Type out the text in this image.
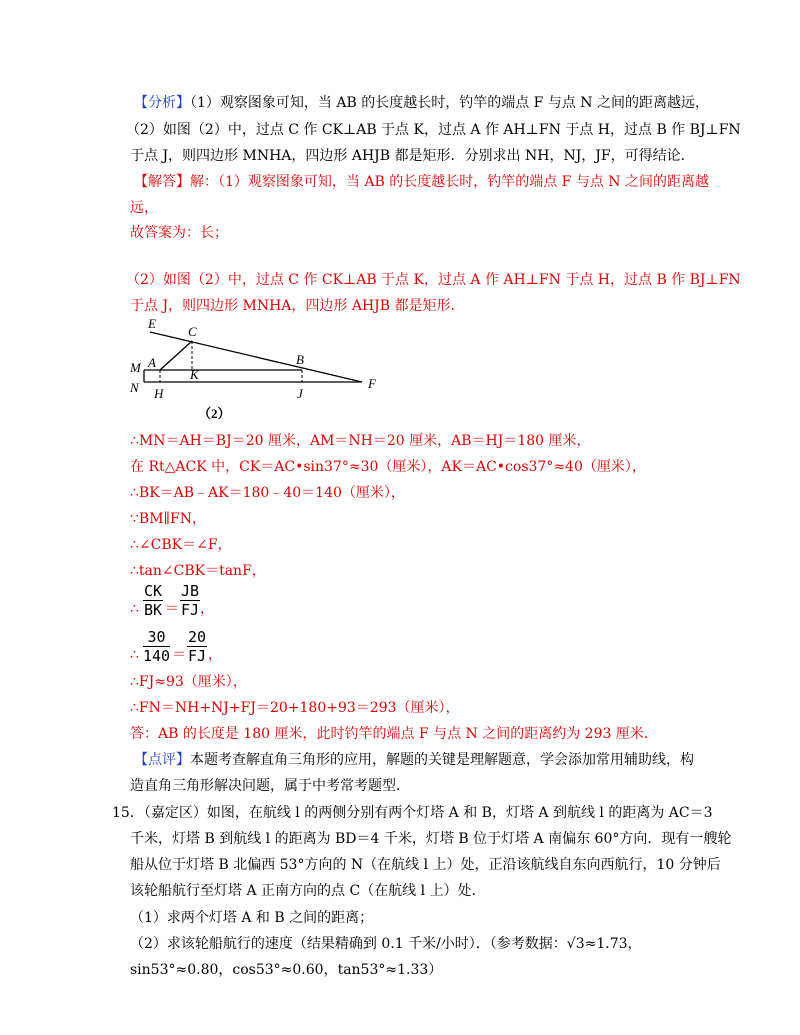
【分析】（1）观察图象可知，当 AB 的长度越长时，钓竿的端点 F 与点 N 之间的距离越远，
（2）如图（2）中，过点 C 作 CK⊥AB 于点 K，过点 A 作 AH⊥FN 于点 H，过点 B 作 BJ⊥FN
于点 J，则四边形 MNHA，四边形 AHJB 都是矩形．分别求出 NH，NJ，JF，可得结论．
【解答】解：（1）观察图象可知，当 AB 的长度越长时，钓竿的端点 F 与点 N 之间的距离越
远，
故答案为：长；
（2）如图（2）中，过点 C 作 CK⊥AB 于点 K，过点 A 作 AH⊥FN 于点 H，过点 B 作 BJ⊥FN
于点 J，则四边形 MNHA，四边形 AHJB 都是矩形．
E
C
A	B
M	K
N H	J
F
（2）
∴MN＝AH＝BJ＝20 厘米，AM＝NH＝20 厘米，AB＝HJ＝180 厘米，
在 Rt△ACK 中，CK＝AC•sin37°≈30（厘米），AK＝AC•cos37°≈40（厘米），
∴BK＝AB﹣AK＝180﹣40＝140（厘米），
∵BM∥FN，
∴∠CBK＝∠F，
∴tan∠CBK＝tanF，
∴ $\frac{CK}{BK} = \frac{JB}{FJ}$ ，
∴ $\frac{30}{140} = \frac{20}{FJ}$ ，
∴FJ≈93（厘米），
∴FN＝NH+NJ+FJ＝20+180+93＝293（厘米），
答：AB 的长度是 180 厘米，此时钓竿的端点 F 与点 N 之间的距离约为 293 厘米．
【点评】本题考查解直角三角形的应用，解题的关键是理解题意，学会添加常用辅助线，构
造直角三角形解决问题，属于中考常考题型．
15．（嘉定区）如图，在航线 l 的两侧分别有两个灯塔 A 和 B，灯塔 A 到航线 l 的距离为 AC＝3
千米，灯塔 B 到航线 l 的距离为 BD＝4 千米，灯塔 B 位于灯塔 A 南偏东 60°方向．现有一艘轮
船从位于灯塔 B 北偏西 53°方向的 N（在航线 l 上）处，正沿该航线自东向西航行，10 分钟后
该轮船航行至灯塔 A 正南方向的点 C（在航线 l 上）处．
（1）求两个灯塔 A 和 B 之间的距离；
（2）求该轮船航行的速度（结果精确到 0.1 千米/小时）．（参考数据：√3≈1.73，
sin53°≈0.80，cos53°≈0.60，tan53°≈1.33）
